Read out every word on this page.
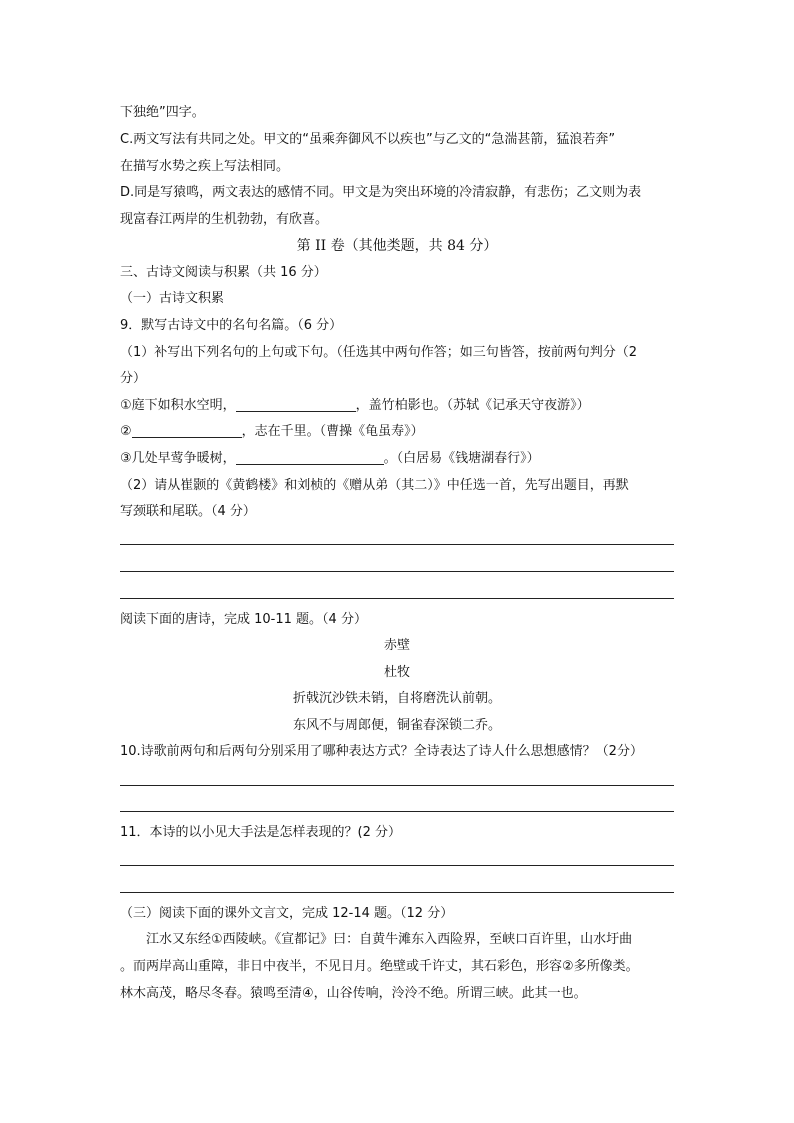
下独绝”四字。
C.两文写法有共同之处。甲文的“虽乘奔御风不以疾也”与乙文的“急湍甚箭，猛浪若奔”
在描写水势之疾上写法相同。
D.同是写猿鸣，两文表达的感情不同。甲文是为突出环境的冷清寂静，有悲伤；乙文则为表
现富春江两岸的生机勃勃，有欣喜。
第 II 卷（其他类题，共 84 分）
三、古诗文阅读与积累（共 16 分）
（一）古诗文积累
9．默写古诗文中的名句名篇。（6 分）
（1）补写出下列名句的上句或下句。（任选其中两句作答；如三句皆答，按前两句判分（2
分）
①庭下如积水空明，	，盖竹柏影也。（苏轼《记承天守夜游》）
②	，志在千里。（曹操《龟虽寿》）
③几处早莺争暖树，	。（白居易《钱塘湖春行》）
（2）请从崔颢的《黄鹤楼》和刘桢的《赠从弟（其二）》中任选一首，先写出题目，再默
写颈联和尾联。（4 分）
阅读下面的唐诗，完成 10-11 题。（4 分）
赤壁
杜牧
折戟沉沙铁未销，自将磨洗认前朝。
东风不与周郎便，铜雀春深锁二乔。
10.诗歌前两句和后两句分别采用了哪种表达方式？全诗表达了诗人什么思想感情？（2分）
11．本诗的以小见大手法是怎样表现的？(2 分）
（三）阅读下面的课外文言文，完成 12-14 题。（12 分）
江水又东经①西陵峡。《宣都记》曰：自黄牛滩东入西险界，至峡口百许里，山水圩曲
。而两岸高山重障，非日中夜半，不见日月。绝壁或千许丈，其石彩色，形容②多所像类。
林木高茂，略尽冬春。猿鸣至清④，山谷传响，泠泠不绝。所谓三峡。此其一也。
